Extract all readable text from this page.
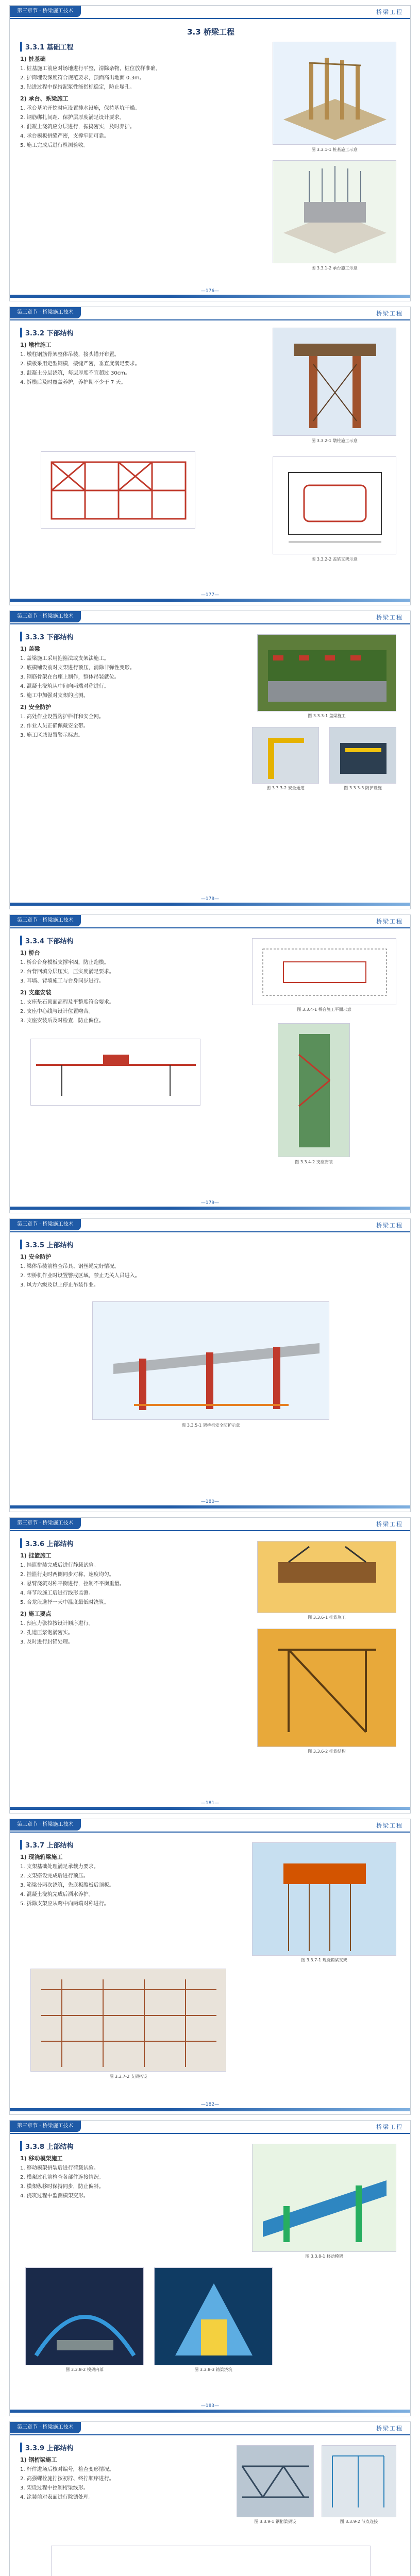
第三章节 · 桥梁施工技术	桥梁工程
3.3 桥梁工程
3.3.1 基础工程
1) 桩基础

1. 桩基施工前应对场地进行平整，清除杂物，桩位放样准确。

2. 护筒埋设深度符合规范要求，顶面高出地面 0.3m。

3. 钻进过程中保持泥浆性能指标稳定，防止塌孔。

2) 承台、系梁施工

1. 承台基坑开挖时应设置排水设施，保持基坑干燥。

2. 钢筋绑扎间距、保护层厚度满足设计要求。

3. 混凝土浇筑应分层进行，振捣密实，及时养护。

4. 承台模板拼缝严密，支撑牢固可靠。

5. 施工完成后进行检测验收。

图 3.3.1-1 桩基施工示意
图 3.3.1-2 承台施工示意
—176—
第三章节 · 桥梁施工技术	桥梁工程
3.3.2 下部结构
1) 墩柱施工

1. 墩柱钢筋骨架整体吊装，接头错开布置。

2. 模板采用定型钢模，接缝严密，垂直度满足要求。

3. 混凝土分层浇筑，每层厚度不宜超过 30cm。

4. 拆模后及时覆盖养护，养护期不少于 7 天。

图 3.3.2-1 墩柱施工示意
图 3.3.2-2 盖梁支架示意
—177—
第三章节 · 桥梁施工技术	桥梁工程
3.3.3 下部结构
1) 盖梁

1. 盖梁施工采用抱箍法或支架法施工。

2. 底模铺设前对支架进行预压，消除非弹性变形。

3. 钢筋骨架在台座上制作，整体吊装就位。

4. 混凝土浇筑从中间向两端对称进行。

5. 施工中加强对支架的监测。

2) 安全防护

1. 高处作业设置防护栏杆和安全网。

2. 作业人员正确佩戴安全带。

3. 施工区域设置警示标志。

图 3.3.3-1 盖梁施工
图 3.3.3-2 安全通道	图 3.3.3-3 防护设施
—178—
第三章节 · 桥梁施工技术	桥梁工程
3.3.4 下部结构
1) 桥台

1. 桥台台身模板支撑牢固，防止跑模。

2. 台背回填分层压实，压实度满足要求。

3. 耳墙、背墙施工与台身同步进行。

2) 支座安装

1. 支座垫石顶面高程及平整度符合要求。

2. 支座中心线与设计位置吻合。

3. 支座安装后及时检查，防止偏位。

图 3.3.4-1 桥台施工平面示意
图 3.3.4-2 支座安装
—179—
第三章节 · 桥梁施工技术	桥梁工程
3.3.5 上部结构
1) 安全防护

1. 梁体吊装前检查吊具、钢丝绳完好情况。

2. 架桥机作业时设置警戒区域，禁止无关人员进入。

3. 风力六级及以上停止吊装作业。

图 3.3.5-1 架桥机安全防护示意
—180—
第三章节 · 桥梁施工技术	桥梁工程
3.3.6 上部结构
1) 挂篮施工

1. 挂篮拼装完成后进行静载试验。

2. 挂篮行走时两侧同步对称，速度均匀。

3. 悬臂浇筑对称平衡进行，控制不平衡重量。

4. 每节段施工后进行线形监测。

5. 合龙段选择一天中温度最低时浇筑。

2) 施工要点

1. 预应力张拉按设计顺序进行。

2. 孔道压浆饱满密实。

3. 及时进行封锚处理。

图 3.3.6-1 挂篮施工
图 3.3.6-2 挂篮结构
—181—
第三章节 · 桥梁施工技术	桥梁工程
3.3.7 上部结构
1) 现浇箱梁施工

1. 支架基础处理满足承载力要求。

2. 支架搭设完成后进行预压。

3. 箱梁分两次浇筑，先底板腹板后顶板。

4. 混凝土浇筑完成后洒水养护。

5. 拆除支架应从跨中向两端对称进行。

图 3.3.7-1 现浇箱梁支架
图 3.3.7-2 支架搭设
—182—
第三章节 · 桥梁施工技术	桥梁工程
3.3.8 上部结构
1) 移动模架施工

1. 移动模架拼装后进行荷载试验。

2. 模架过孔前检查各部件连接情况。

3. 模架纵移时保持同步，防止偏斜。

4. 浇筑过程中监测模架变形。

图 3.3.8-1 移动模架
图 3.3.8-2 模架内部	图 3.3.8-3 箱梁浇筑
—183—
第三章节 · 桥梁施工技术	桥梁工程
3.3.9 上部结构
1) 钢桁梁施工

1. 杆件进场后核对编号，检查变形情况。

2. 高强螺栓施拧按初拧、终拧顺序进行。

3. 架设过程中控制桁梁线形。

4. 涂装前对表面进行除锈处理。

图 3.3.9-1 钢桁梁架设	图 3.3.9-2 节点连接
